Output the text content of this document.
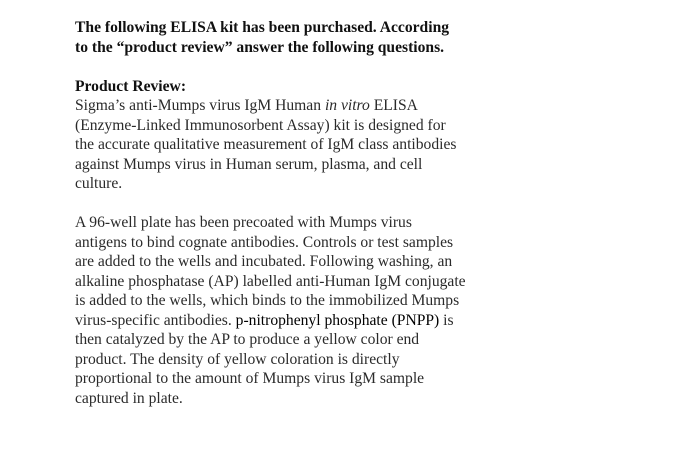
The following ELISA kit has been purchased. According
to the “product review” answer the following questions.

Product Review:

Sigma’s anti-Mumps virus IgM Human in vitro ELISA
(Enzyme-Linked Immunosorbent Assay) kit is designed for
the accurate qualitative measurement of IgM class antibodies
against Mumps virus in Human serum, plasma, and cell
culture.

A 96-well plate has been precoated with Mumps virus
antigens to bind cognate antibodies. Controls or test samples
are added to the wells and incubated. Following washing, an
alkaline phosphatase (AP) labelled anti-Human IgM conjugate
is added to the wells, which binds to the immobilized Mumps
virus-specific antibodies. p-nitrophenyl phosphate (PNPP) is
then catalyzed by the AP to produce a yellow color end
product. The density of yellow coloration is directly
proportional to the amount of Mumps virus IgM sample
captured in plate.
